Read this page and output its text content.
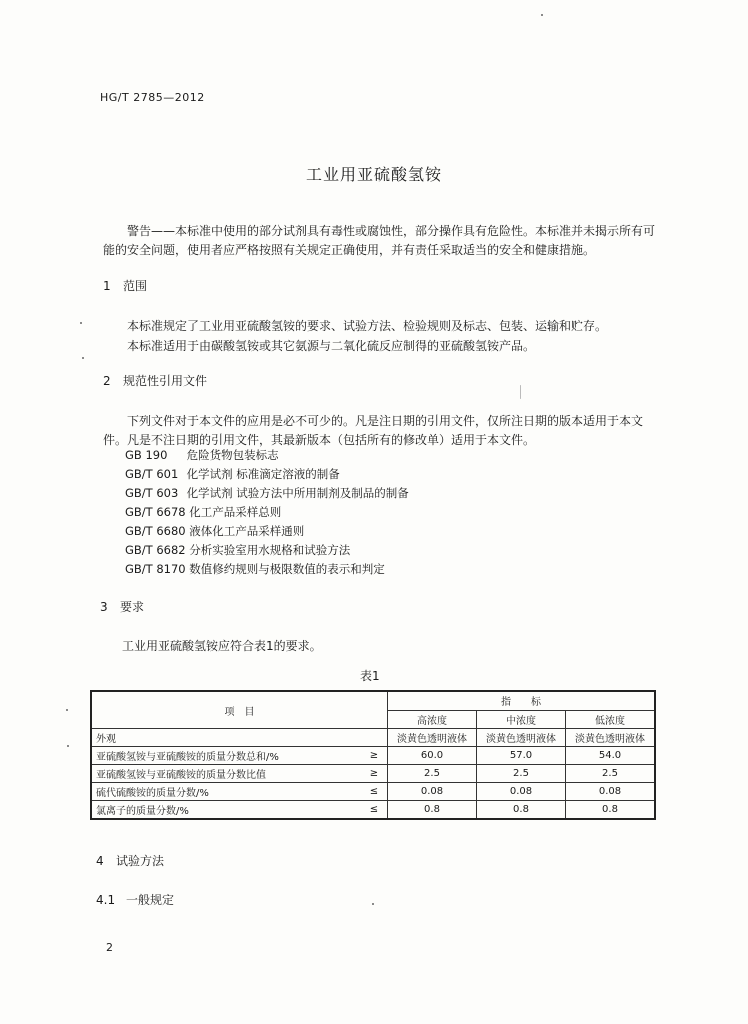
HG/T 2785—2012
工业用亚硫酸氢铵
警告——本标准中使用的部分试剂具有毒性或腐蚀性，部分操作具有危险性。本标准并未揭示所有可能的安全问题，使用者应严格按照有关规定正确使用，并有责任采取适当的安全和健康措施。
1 范围
本标准规定了工业用亚硫酸氢铵的要求、试验方法、检验规则及标志、包装、运输和贮存。
本标准适用于由碳酸氢铵或其它氨源与二氧化硫反应制得的亚硫酸氢铵产品。
2 规范性引用文件
下列文件对于本文件的应用是必不可少的。凡是注日期的引用文件，仅所注日期的版本适用于本文件。凡是不注日期的引用文件，其最新版本（包括所有的修改单）适用于本文件。
GB 190 危险货物包装标志
GB/T 601 化学试剂 标准滴定溶液的制备
GB/T 603 化学试剂 试验方法中所用制剂及制品的制备
GB/T 6678 化工产品采样总则
GB/T 6680 液体化工产品采样通则
GB/T 6682 分析实验室用水规格和试验方法
GB/T 8170 数值修约规则与极限数值的表示和判定
3 要求
工业用亚硫酸氢铵应符合表1的要求。
表1
项　目		指　　标		
		高浓度	中浓度	低浓度
外观		淡黄色透明液体	淡黄色透明液体	淡黄色透明液体
亚硫酸氢铵与亚硫酸铵的质量分数总和/%	≥	60.0	57.0	54.0
亚硫酸氢铵与亚硫酸铵的质量分数比值	≥	2.5	2.5	2.5
硫代硫酸铵的质量分数/%	≤	0.08	0.08	0.08
氯离子的质量分数/%	≤	0.8	0.8	0.8
4 试验方法
4.1 一般规定
2
